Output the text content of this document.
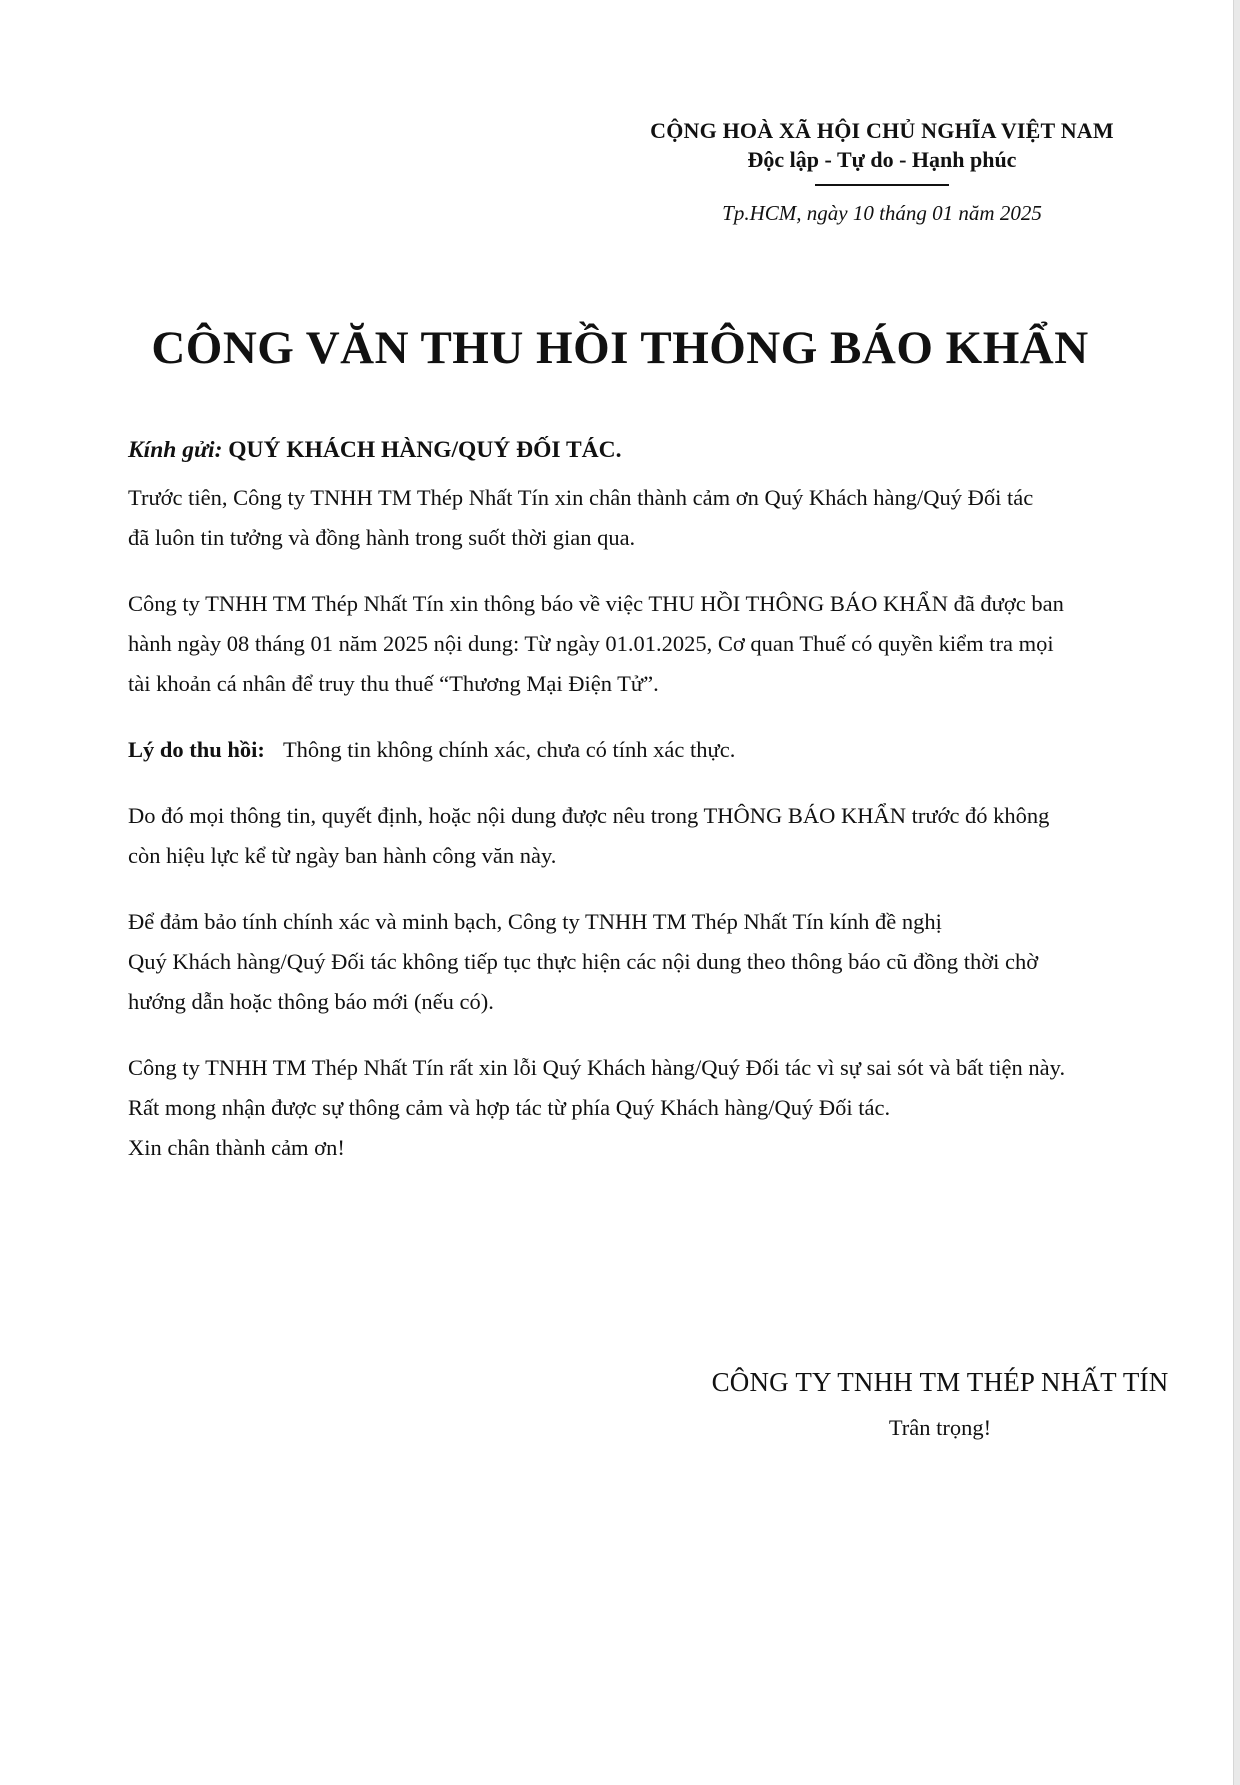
CỘNG HOÀ XÃ HỘI CHỦ NGHĨA VIỆT NAM
Độc lập - Tự do - Hạnh phúc
Tp.HCM, ngày 10 tháng 01 năm 2025
CÔNG VĂN THU HỒI THÔNG BÁO KHẨN

Kính gửi: QUÝ KHÁCH HÀNG/QUÝ ĐỐI TÁC.

Trước tiên, Công ty TNHH TM Thép Nhất Tín xin chân thành cảm ơn Quý Khách hàng/Quý Đối tác

đã luôn tin tưởng và đồng hành trong suốt thời gian qua.

Công ty TNHH TM Thép Nhất Tín xin thông báo về việc THU HỒI THÔNG BÁO KHẨN đã được ban

hành ngày 08 tháng 01 năm 2025 nội dung: Từ ngày 01.01.2025, Cơ quan Thuế có quyền kiểm tra mọi

tài khoản cá nhân để truy thu thuế “Thương Mại Điện Tử”.

Lý do thu hồi: Thông tin không chính xác, chưa có tính xác thực.

Do đó mọi thông tin, quyết định, hoặc nội dung được nêu trong THÔNG BÁO KHẨN trước đó không

còn hiệu lực kể từ ngày ban hành công văn này.

Để đảm bảo tính chính xác và minh bạch, Công ty TNHH TM Thép Nhất Tín kính đề nghị

Quý Khách hàng/Quý Đối tác không tiếp tục thực hiện các nội dung theo thông báo cũ đồng thời chờ

hướng dẫn hoặc thông báo mới (nếu có).

Công ty TNHH TM Thép Nhất Tín rất xin lỗi Quý Khách hàng/Quý Đối tác vì sự sai sót và bất tiện này.

Rất mong nhận được sự thông cảm và hợp tác từ phía Quý Khách hàng/Quý Đối tác.

Xin chân thành cảm ơn!

CÔNG TY TNHH TM THÉP NHẤT TÍN
Trân trọng!
